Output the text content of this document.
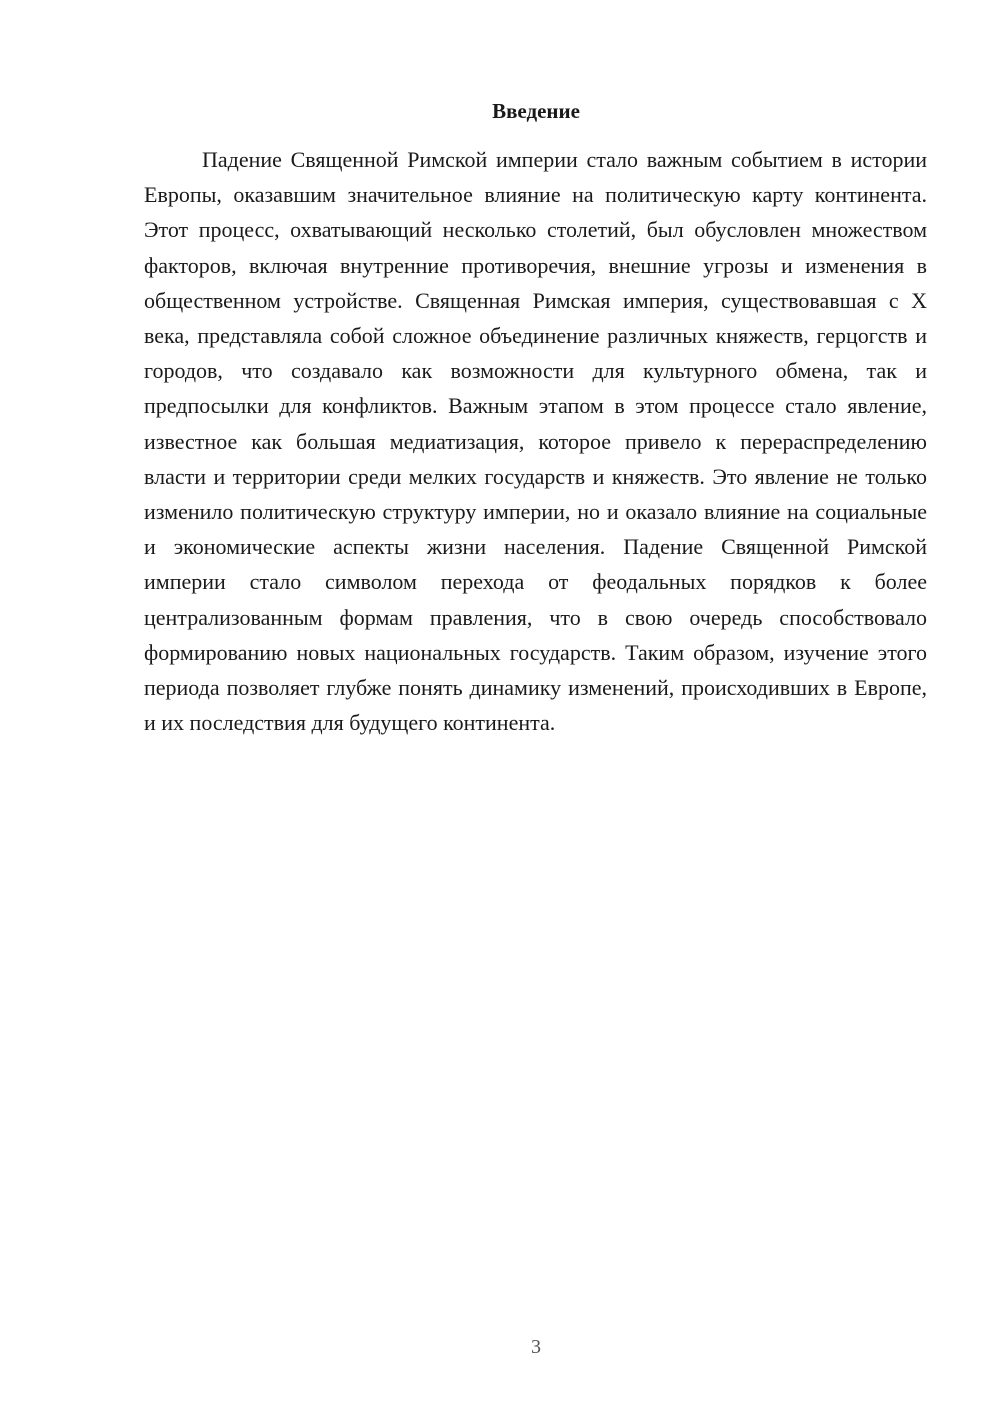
Введение

Падение Священной Римской империи стало важным событием в истории Европы, оказавшим значительное влияние на политическую карту континента. Этот процесс, охватывающий несколько столетий, был обусловлен множеством факторов, включая внутренние противоречия, внешние угрозы и изменения в общественном устройстве. Священная Римская империя, существовавшая с X века, представляла собой сложное объединение различных княжеств, герцогств и городов, что создавало как возможности для культурного обмена, так и предпосылки для конфликтов. Важным этапом в этом процессе стало явление, известное как большая медиатизация, которое привело к перераспределению власти и территории среди мелких государств и княжеств. Это явление не только изменило политическую структуру империи, но и оказало влияние на социальные и экономические аспекты жизни населения. Падение Священной Римской империи стало символом перехода от феодальных порядков к более централизованным формам правления, что в свою очередь способствовало формированию новых национальных государств. Таким образом, изучение этого периода позволяет глубже понять динамику изменений, происходивших в Европе, и их последствия для будущего континента.

3
